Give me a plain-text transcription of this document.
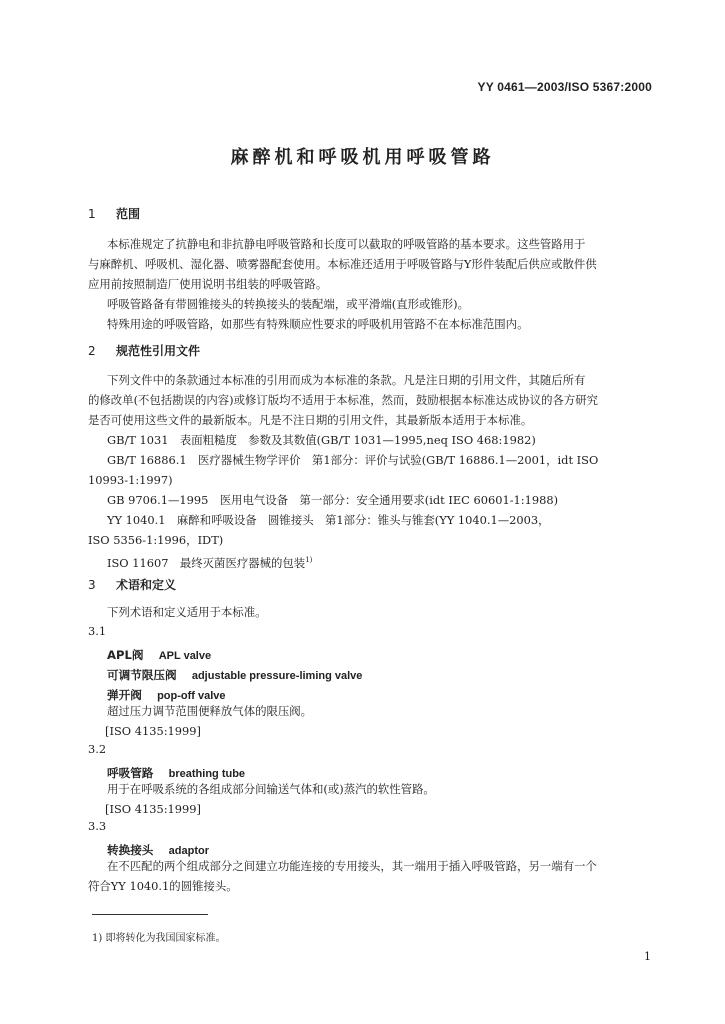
YY 0461—2003/ISO 5367:2000
麻醉机和呼吸机用呼吸管路
1 范围
本标准规定了抗静电和非抗静电呼吸管路和长度可以截取的呼吸管路的基本要求。这些管路用于
与麻醉机、呼吸机、湿化器、喷雾器配套使用。本标准还适用于呼吸管路与Y形件装配后供应或散件供
应用前按照制造厂使用说明书组装的呼吸管路。
呼吸管路备有带圆锥接头的转换接头的装配端，或平滑端(直形或锥形)。
特殊用途的呼吸管路，如那些有特殊顺应性要求的呼吸机用管路不在本标准范围内。
2 规范性引用文件
下列文件中的条款通过本标准的引用而成为本标准的条款。凡是注日期的引用文件，其随后所有
的修改单(不包括勘误的内容)或修订版均不适用于本标准，然而，鼓励根据本标准达成协议的各方研究
是否可使用这些文件的最新版本。凡是不注日期的引用文件，其最新版本适用于本标准。
GB/T 1031　表面粗糙度　参数及其数值(GB/T 1031—1995,neq ISO 468:1982)
GB/T 16886.1　医疗器械生物学评价　第1部分：评价与试验(GB/T 16886.1—2001，idt ISO
10993-1:1997)
GB 9706.1—1995　医用电气设备　第一部分：安全通用要求(idt IEC 60601-1:1988)
YY 1040.1　麻醉和呼吸设备　圆锥接头　第1部分：锥头与锥套(YY 1040.1—2003，
ISO 5356-1:1996，IDT)
ISO 11607　最终灭菌医疗器械的包装$^{1)}$
3 术语和定义
下列术语和定义适用于本标准。
3.1
APL阀 APL valve
可调节限压阀 adjustable pressure-liming valve
弹开阀 pop-off valve
超过压力调节范围便释放气体的限压阀。
[ISO 4135:1999]
3.2
呼吸管路 breathing tube
用于在呼吸系统的各组成部分间输送气体和(或)蒸汽的软性管路。
[ISO 4135:1999]
3.3
转换接头 adaptor
在不匹配的两个组成部分之间建立功能连接的专用接头，其一端用于插入呼吸管路，另一端有一个
符合YY 1040.1的圆锥接头。
1) 即将转化为我国国家标准。
1
